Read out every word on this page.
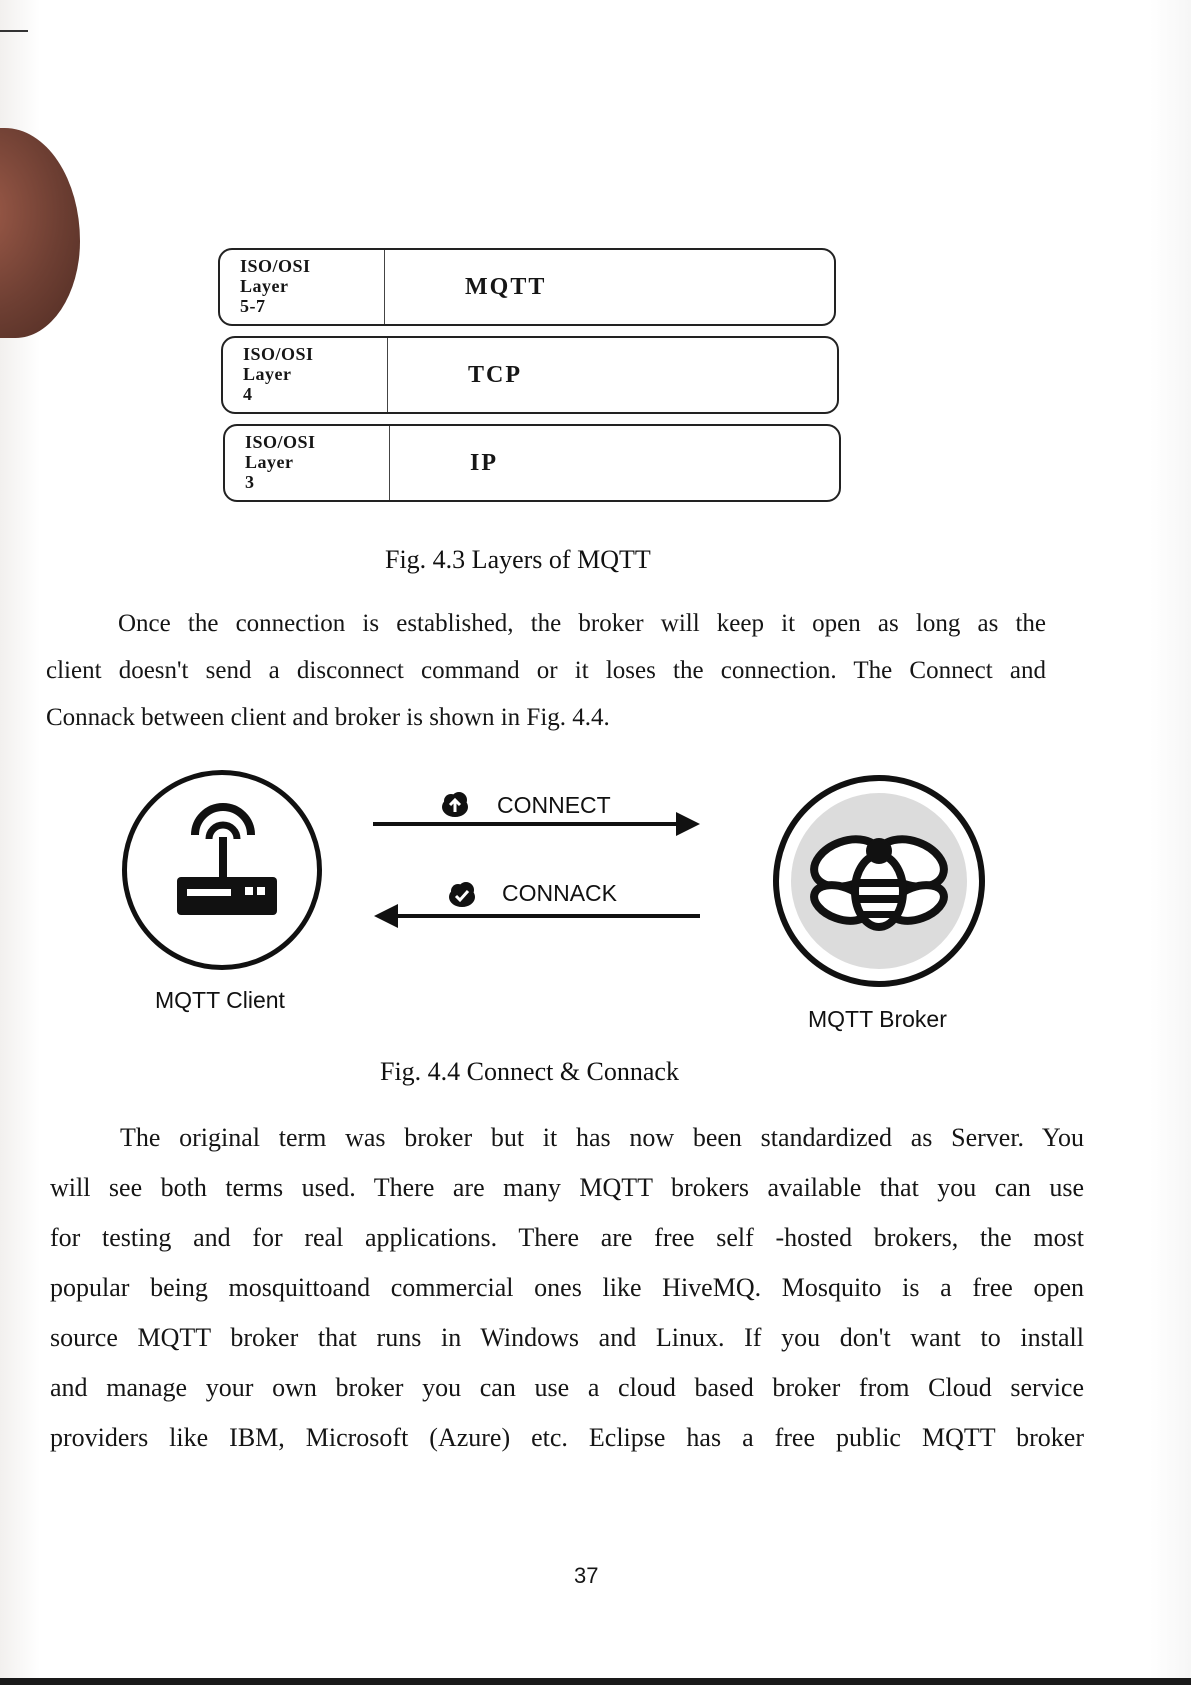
ISO/OSI
Layer
5-7
MQTT
ISO/OSI
Layer
4
TCP
ISO/OSI
Layer
3
IP
Fig. 4.3 Layers of MQTT
Once the connection is established, the broker will keep it open as long as the
client doesn't send a disconnect command or it loses the connection. The Connect and
Connack between client and broker is shown in Fig. 4.4.
CONNECT
CONNACK
MQTT Client
MQTT Broker
Fig. 4.4 Connect & Connack
The original term was broker but it has now been standardized as Server. You
will see both terms used. There are many MQTT brokers available that you can use
for testing and for real applications. There are free self -hosted brokers, the most
popular being mosquittoand commercial ones like HiveMQ. Mosquito is a free open
source MQTT broker that runs in Windows and Linux. If you don't want to install
and manage your own broker you can use a cloud based broker from Cloud service
providers like IBM, Microsoft (Azure) etc. Eclipse has a free public MQTT broker
37
